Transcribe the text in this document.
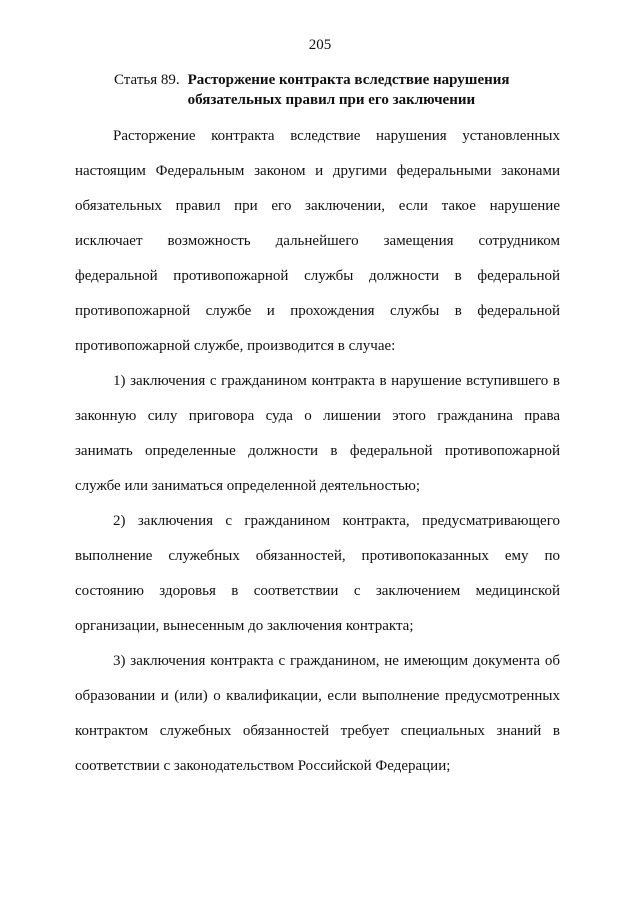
205
Статья 89. Расторжение контракта вследствие нарушения
обязательных правил при его заключении
Расторжение контракта вследствие нарушения установленных
настоящим Федеральным законом и другими федеральными законами
обязательных правил при его заключении, если такое нарушение
исключает возможность дальнейшего замещения сотрудником
федеральной противопожарной службы должности в федеральной
противопожарной службе и прохождения службы в федеральной
противопожарной службе, производится в случае:
1) заключения с гражданином контракта в нарушение вступившего в
законную силу приговора суда о лишении этого гражданина права
занимать определенные должности в федеральной противопожарной
службе или заниматься определенной деятельностью;
2) заключения с гражданином контракта, предусматривающего
выполнение служебных обязанностей, противопоказанных ему по
состоянию здоровья в соответствии с заключением медицинской
организации, вынесенным до заключения контракта;
3) заключения контракта с гражданином, не имеющим документа об
образовании и (или) о квалификации, если выполнение предусмотренных
контрактом служебных обязанностей требует специальных знаний в
соответствии с законодательством Российской Федерации;
